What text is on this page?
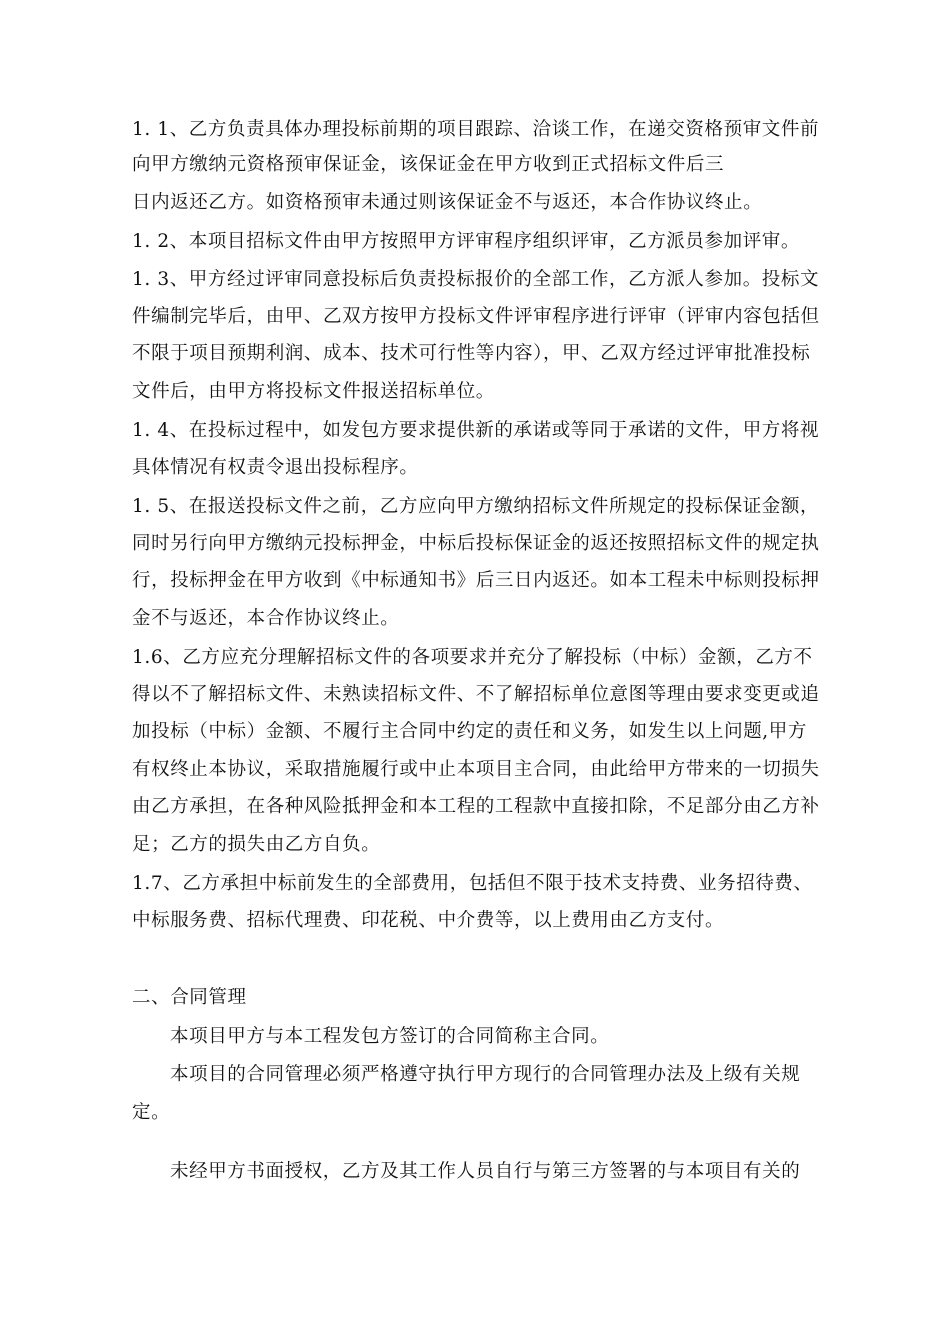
1. 1、乙方负责具体办理投标前期的项目跟踪、洽谈工作，在递交资格预审文件前
向甲方缴纳元资格预审保证金，该保证金在甲方收到正式招标文件后三
日内返还乙方。如资格预审未通过则该保证金不与返还，本合作协议终止。
1. 2、本项目招标文件由甲方按照甲方评审程序组织评审，乙方派员参加评审。
1. 3、甲方经过评审同意投标后负责投标报价的全部工作，乙方派人参加。投标文
件编制完毕后，由甲、乙双方按甲方投标文件评审程序进行评审（评审内容包括但
不限于项目预期利润、成本、技术可行性等内容），甲、乙双方经过评审批准投标
文件后，由甲方将投标文件报送招标单位。
1. 4、在投标过程中，如发包方要求提供新的承诺或等同于承诺的文件，甲方将视
具体情况有权责令退出投标程序。
1. 5、在报送投标文件之前，乙方应向甲方缴纳招标文件所规定的投标保证金额，
同时另行向甲方缴纳元投标押金，中标后投标保证金的返还按照招标文件的规定执
行，投标押金在甲方收到《中标通知书》后三日内返还。如本工程未中标则投标押
金不与返还，本合作协议终止。
1.6、乙方应充分理解招标文件的各项要求并充分了解投标（中标）金额，乙方不
得以不了解招标文件、未熟读招标文件、不了解招标单位意图等理由要求变更或追
加投标（中标）金额、不履行主合同中约定的责任和义务，如发生以上问题,甲方
有权终止本协议，采取措施履行或中止本项目主合同，由此给甲方带来的一切损失
由乙方承担，在各种风险抵押金和本工程的工程款中直接扣除，不足部分由乙方补
足；乙方的损失由乙方自负。
1.7、乙方承担中标前发生的全部费用，包括但不限于技术支持费、业务招待费、
中标服务费、招标代理费、印花税、中介费等，以上费用由乙方支付。
二、合同管理
本项目甲方与本工程发包方签订的合同简称主合同。
本项目的合同管理必须严格遵守执行甲方现行的合同管理办法及上级有关规
定。
未经甲方书面授权，乙方及其工作人员自行与第三方签署的与本项目有关的
